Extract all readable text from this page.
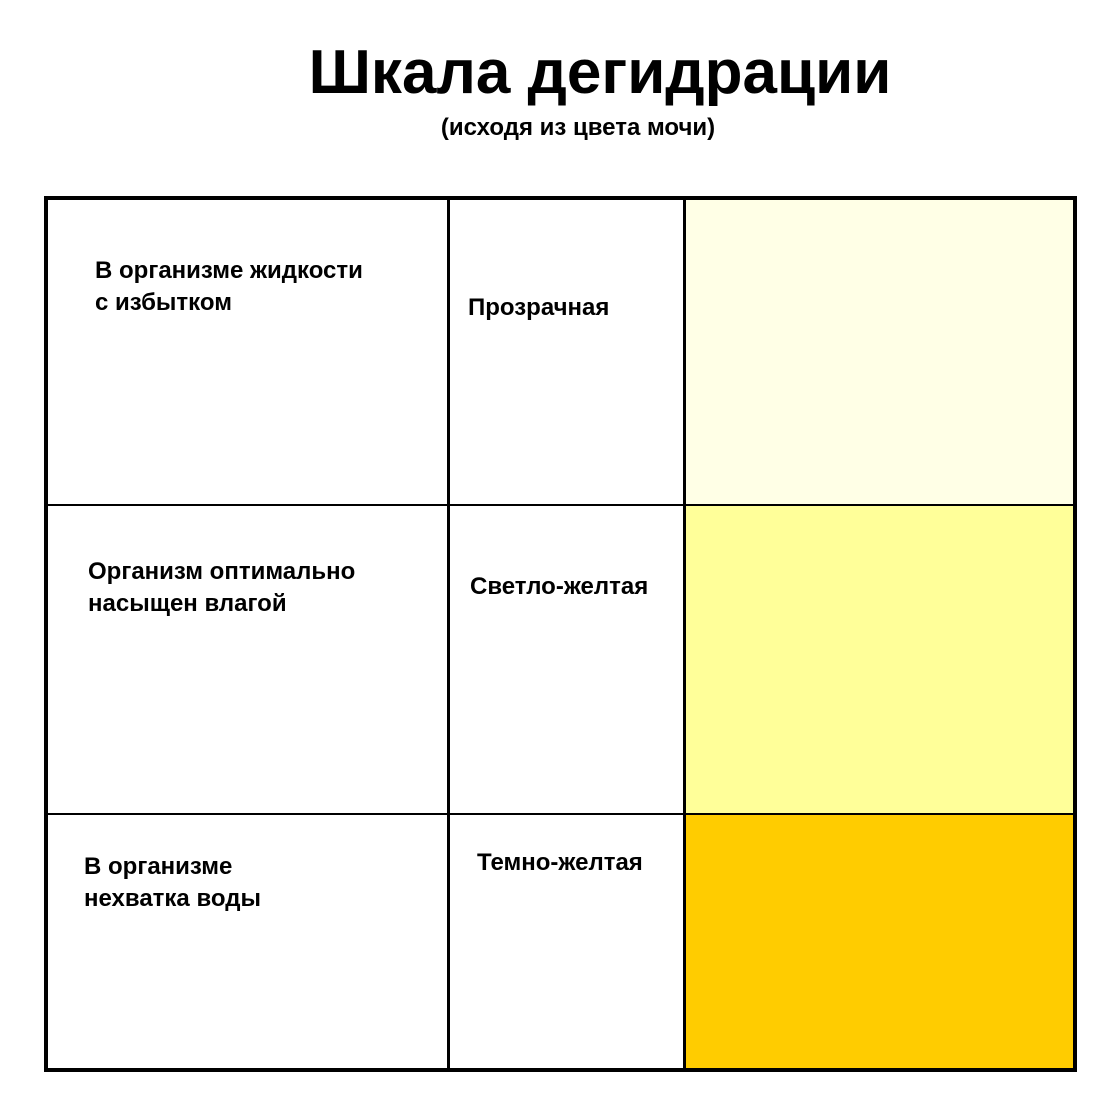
Шкала дегидрации
(исходя из цвета мочи)
В организме жидкости
с избытком	Прозрачная
Организм оптимально
насыщен влагой
Светло-желтая
В организме
нехватка воды
Темно-желтая
